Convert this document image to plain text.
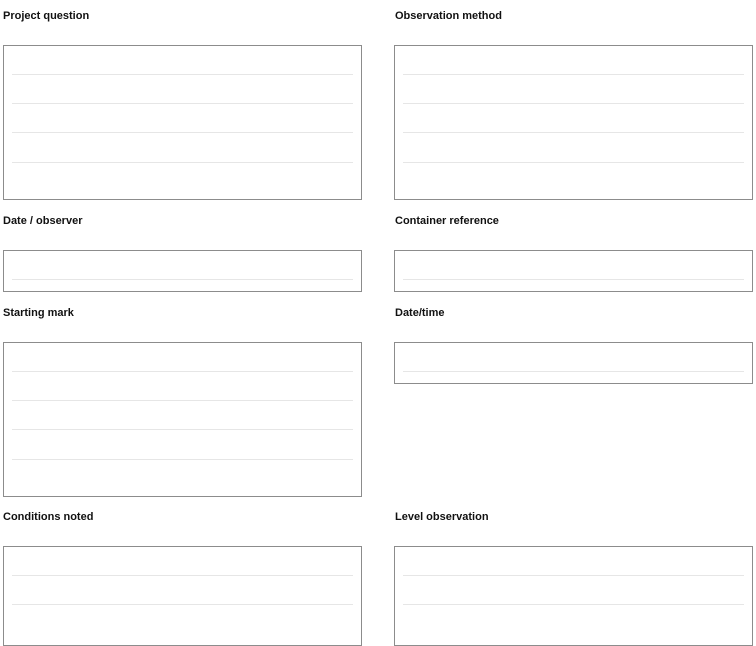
Project question	Observation method
Date / observer	Container reference
Starting mark	Date/time
Conditions noted	Level observation
